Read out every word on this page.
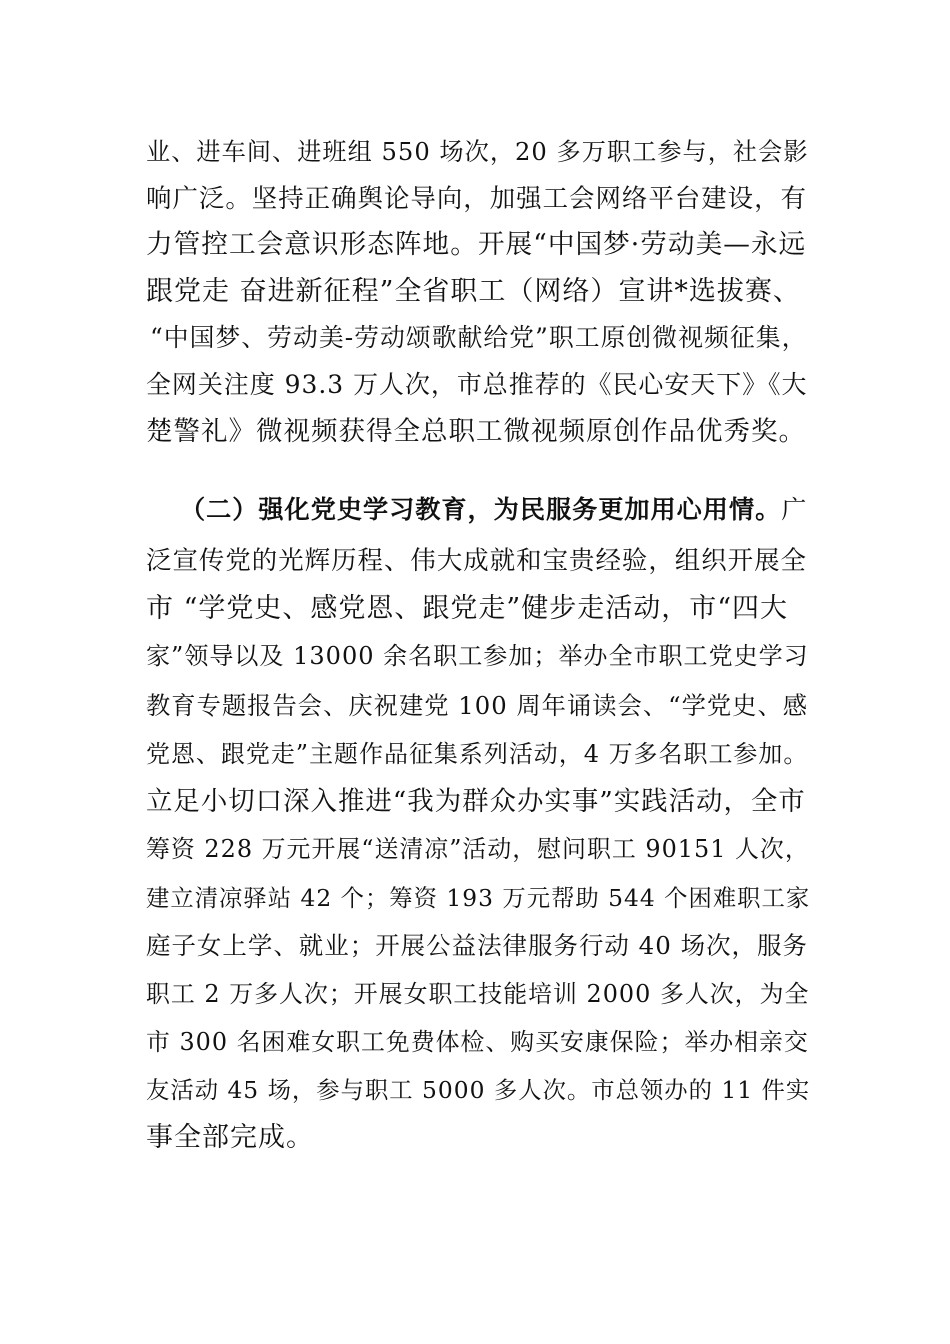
业、进车间、进班组 550 场次，20 多万职工参与，社会影
响广泛。坚持正确舆论导向，加强工会网络平台建设，有
力管控工会意识形态阵地。开展“中国梦·劳动美—永远
跟党走 奋进新征程”全省职工（网络）宣讲*选拔赛、
“中国梦、劳动美-劳动颂歌献给党”职工原创微视频征集，
全网关注度 93.3 万人次，市总推荐的《民心安天下》《大
楚警礼》微视频获得全总职工微视频原创作品优秀奖。
（二）强化党史学习教育，为民服务更加用心用情。广
泛宣传党的光辉历程、伟大成就和宝贵经验，组织开展全
市 “学党史、感党恩、跟党走”健步走活动，市“四大
家”领导以及 13000 余名职工参加；举办全市职工党史学习
教育专题报告会、庆祝建党 100 周年诵读会、“学党史、感
党恩、跟党走”主题作品征集系列活动，4 万多名职工参加。
立足小切口深入推进“我为群众办实事”实践活动，全市
筹资 228 万元开展“送清凉”活动，慰问职工 90151 人次，
建立清凉驿站 42 个；筹资 193 万元帮助 544 个困难职工家
庭子女上学、就业；开展公益法律服务行动 40 场次，服务
职工 2 万多人次；开展女职工技能培训 2000 多人次，为全
市 300 名困难女职工免费体检、购买安康保险；举办相亲交
友活动 45 场，参与职工 5000 多人次。市总领办的 11 件实
事全部完成。
